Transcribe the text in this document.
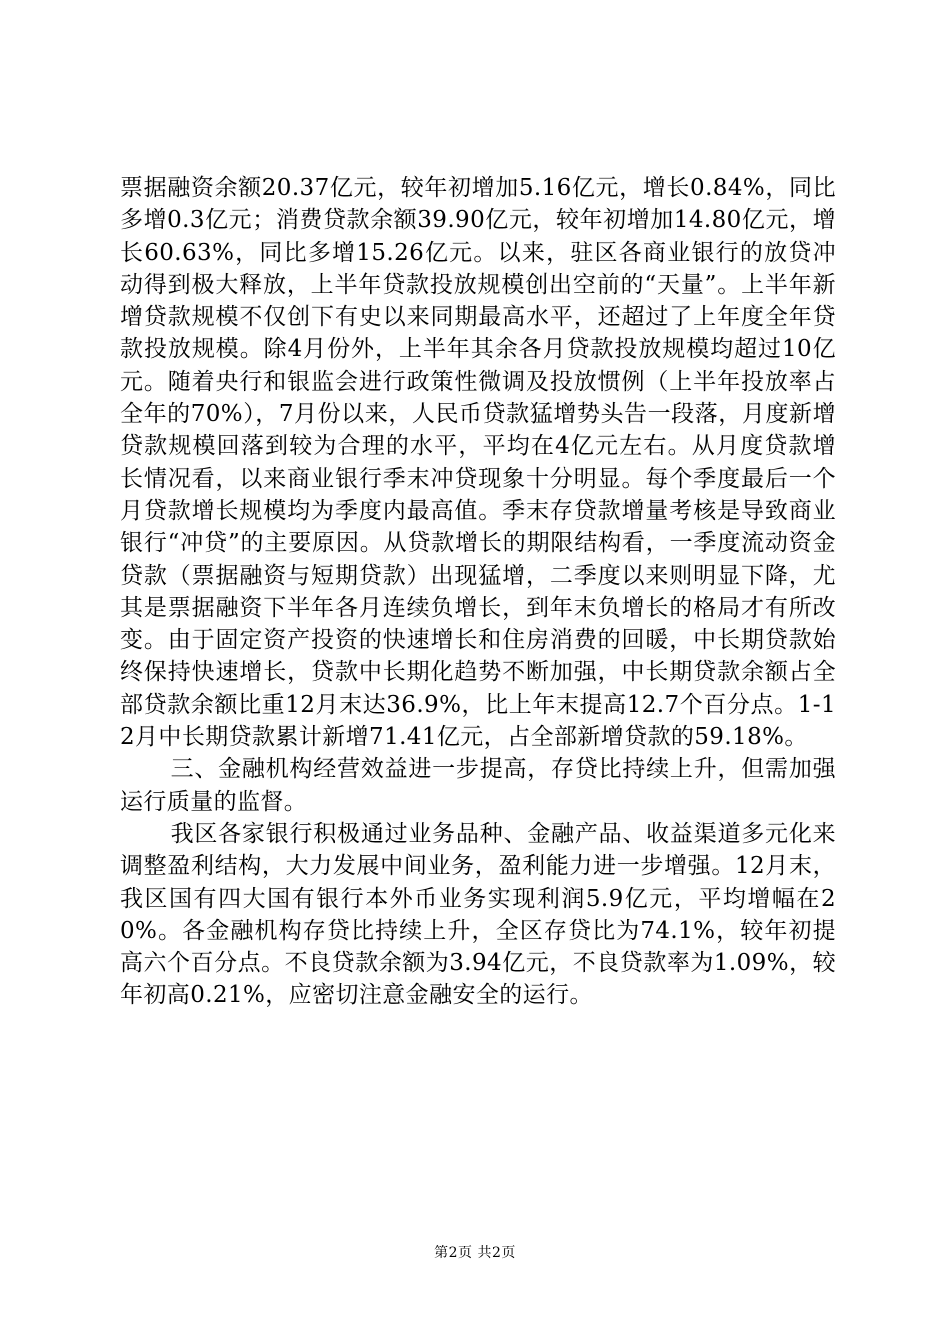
票据融资余额20.37亿元，较年初增加5.16亿元，增长0.84%，同比多增0.3亿元；消费贷款余额39.90亿元，较年初增加14.80亿元，增长60.63%，同比多增15.26亿元。以来，驻区各商业银行的放贷冲动得到极大释放，上半年贷款投放规模创出空前的“天量”。上半年新增贷款规模不仅创下有史以来同期最高水平，还超过了上年度全年贷款投放规模。除4月份外，上半年其余各月贷款投放规模均超过10亿元。随着央行和银监会进行政策性微调及投放惯例（上半年投放率占全年的70%），7月份以来，人民币贷款猛增势头告一段落，月度新增贷款规模回落到较为合理的水平，平均在4亿元左右。从月度贷款增长情况看，以来商业银行季末冲贷现象十分明显。每个季度最后一个月贷款增长规模均为季度内最高值。季末存贷款增量考核是导致商业银行“冲贷”的主要原因。从贷款增长的期限结构看，一季度流动资金贷款（票据融资与短期贷款）出现猛增，二季度以来则明显下降，尤其是票据融资下半年各月连续负增长，到年末负增长的格局才有所改变。由于固定资产投资的快速增长和住房消费的回暖，中长期贷款始终保持快速增长，贷款中长期化趋势不断加强，中长期贷款余额占全部贷款余额比重12月末达36.9%，比上年末提高12.7个百分点。1-12月中长期贷款累计新增71.41亿元，占全部新增贷款的59.18%。

三、金融机构经营效益进一步提高，存贷比持续上升，但需加强运行质量的监督。

我区各家银行积极通过业务品种、金融产品、收益渠道多元化来调整盈利结构，大力发展中间业务，盈利能力进一步增强。12月末，我区国有四大国有银行本外币业务实现利润5.9亿元，平均增幅在20%。各金融机构存贷比持续上升，全区存贷比为74.1%，较年初提高六个百分点。不良贷款余额为3.94亿元，不良贷款率为1.09%，较年初高0.21%，应密切注意金融安全的运行。

第2页 共2页
